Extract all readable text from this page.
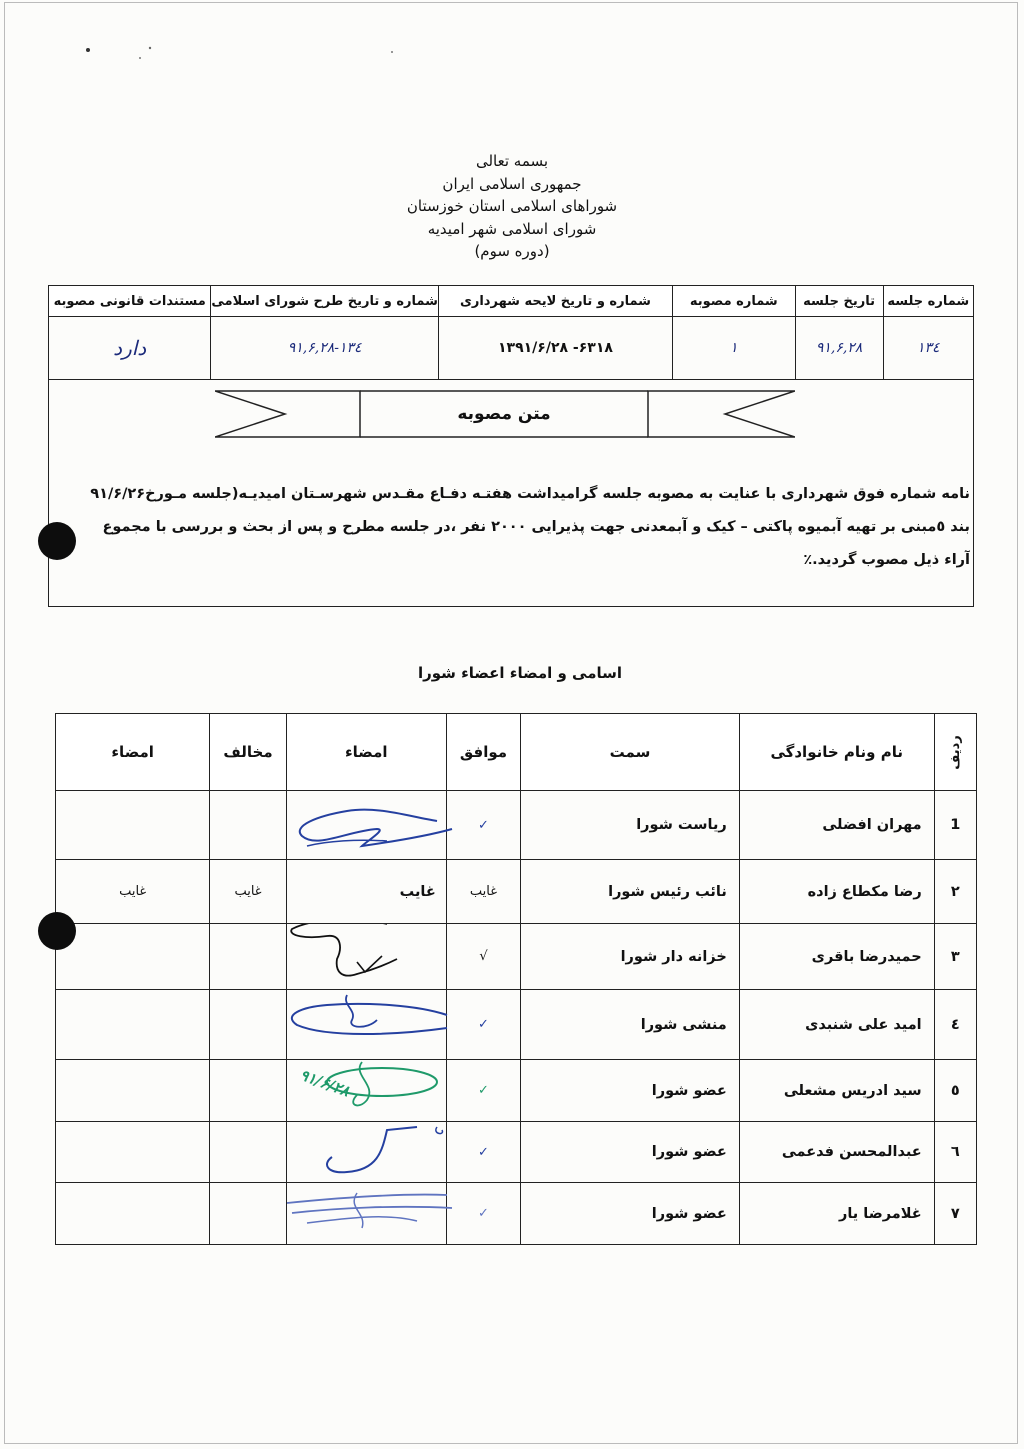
بسمه تعالی
جمهوری اسلامی ایران
شوراهای اسلامی استان خوزستان
شورای اسلامی شهر امیدیه
(دوره سوم)
شماره جلسه	تاریخ جلسه	شماره مصوبه	شماره و تاریخ لایحه شهرداری	شماره و تاریخ طرح شورای اسلامی	مستندات قانونی مصوبه
۱۳٤	۹۱,۶,۲۸	۱	۶۳۱۸- ۱۳۹۱/۶/۲۸	۹۱,۶,۲۸-۱۳٤	دارد
متن مصوبه
نامه شماره فوق شهرداری با عنایت به مصوبه جلسه گرامیداشت هفتـه دفـاع مقـدس شهرسـتان امیدیـه(جلسه مـورخ۹۱/۶/۲۶
بند ٥مبنی بر تهیه آبمیوه پاکتی – کیک و آبمعدنی جهت پذیرایی ۲۰۰۰ نفر ،در جلسه مطرح و پس از بحث و بررسی با مجموع
آراء ذیل مصوب گردید.٪
اسامی و امضاء اعضاء شورا
ردیف	نام ونام خانوادگی	سمت	موافق	امضاء	مخالف	امضاء
1	مهران افضلی	ریاست شورا	✓	

۲	رضا مکطاع زاده	نائب رئیس شورا	غایب	غایب	غایب	غایب
۳	حمیدرضا باقری	خزانه دار شورا	√	

٤	امید علی شنبدی	منشی شورا	✓	

٥	سید ادریس مشعلی	عضو شورا	✓	۹۱/۶/۲۸		

٦	عبدالمحسن فدعمی	عضو شورا	✓	

۷	غلامرضا یار	عضو شورا	✓	
